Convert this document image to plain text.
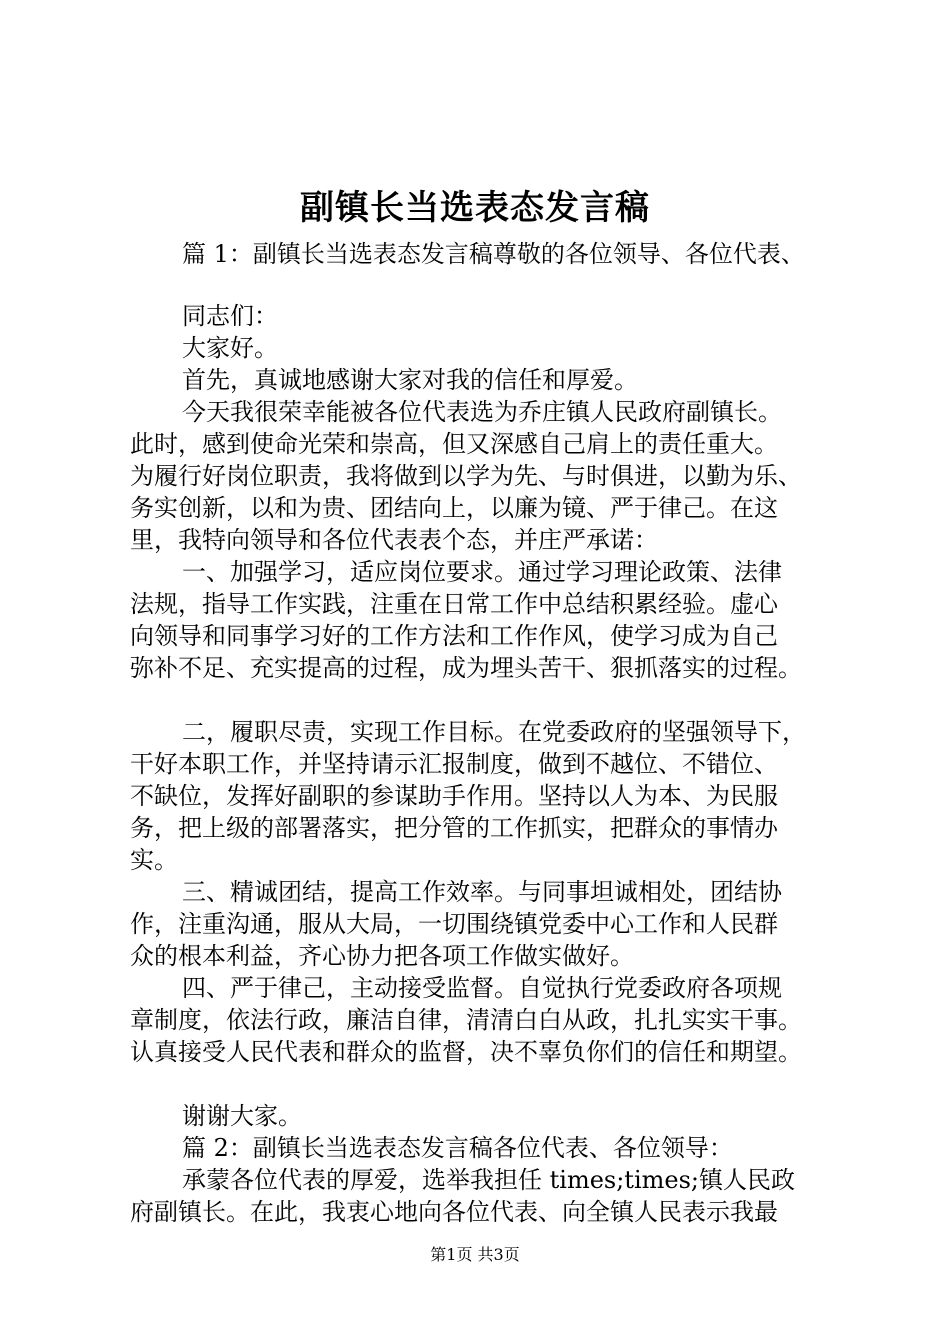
副镇长当选表态发言稿
篇 1：副镇长当选表态发言稿尊敬的各位领导、各位代表、
同志们：
大家好。
首先，真诚地感谢大家对我的信任和厚爱。
今天我很荣幸能被各位代表选为乔庄镇人民政府副镇长。
此时，感到使命光荣和崇高，但又深感自己肩上的责任重大。
为履行好岗位职责，我将做到以学为先、与时俱进，以勤为乐、
务实创新，以和为贵、团结向上，以廉为镜、严于律己。在这
里，我特向领导和各位代表表个态，并庄严承诺：
一、加强学习，适应岗位要求。通过学习理论政策、法律
法规，指导工作实践，注重在日常工作中总结积累经验。虚心
向领导和同事学习好的工作方法和工作作风，使学习成为自己
弥补不足、充实提高的过程，成为埋头苦干、狠抓落实的过程。
二，履职尽责，实现工作目标。在党委政府的坚强领导下，
干好本职工作，并坚持请示汇报制度，做到不越位、不错位、
不缺位，发挥好副职的参谋助手作用。坚持以人为本、为民服
务，把上级的部署落实，把分管的工作抓实，把群众的事情办
实。
三、精诚团结，提高工作效率。与同事坦诚相处，团结协
作，注重沟通，服从大局，一切围绕镇党委中心工作和人民群
众的根本利益，齐心协力把各项工作做实做好。
四、严于律己，主动接受监督。自觉执行党委政府各项规
章制度，依法行政，廉洁自律，清清白白从政，扎扎实实干事。
认真接受人民代表和群众的监督，决不辜负你们的信任和期望。
谢谢大家。
篇 2：副镇长当选表态发言稿各位代表、各位领导：
承蒙各位代表的厚爱，选举我担任 times;times;镇人民政
府副镇长。在此，我衷心地向各位代表、向全镇人民表示我最
第1页 共3页
